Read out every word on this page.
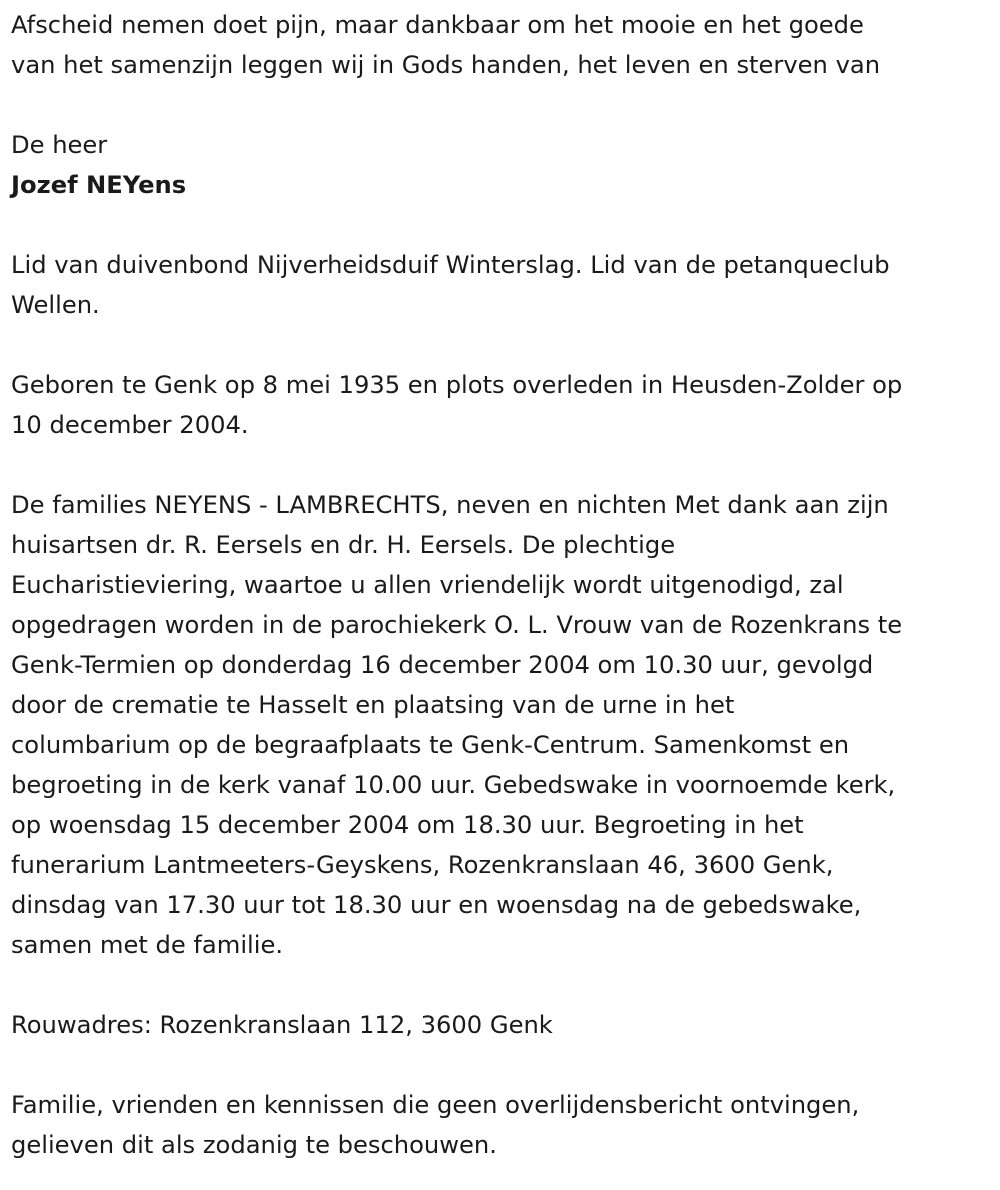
Afscheid nemen doet pijn, maar dankbaar om het mooie en het goede
van het samenzijn leggen wij in Gods handen, het leven en sterven van
De heer
Jozef NEYens
Lid van duivenbond Nijverheidsduif Winterslag. Lid van de petanqueclub
Wellen.
Geboren te Genk op 8 mei 1935 en plots overleden in Heusden-Zolder op
10 december 2004.
De families NEYENS - LAMBRECHTS, neven en nichten Met dank aan zijn
huisartsen dr. R. Eersels en dr. H. Eersels. De plechtige
Eucharistieviering, waartoe u allen vriendelijk wordt uitgenodigd, zal
opgedragen worden in de parochiekerk O. L. Vrouw van de Rozenkrans te
Genk-Termien op donderdag 16 december 2004 om 10.30 uur, gevolgd
door de crematie te Hasselt en plaatsing van de urne in het
columbarium op de begraafplaats te Genk-Centrum. Samenkomst en
begroeting in de kerk vanaf 10.00 uur. Gebedswake in voornoemde kerk,
op woensdag 15 december 2004 om 18.30 uur. Begroeting in het
funerarium Lantmeeters-Geyskens, Rozenkranslaan 46, 3600 Genk,
dinsdag van 17.30 uur tot 18.30 uur en woensdag na de gebedswake,
samen met de familie.
Rouwadres: Rozenkranslaan 112, 3600 Genk
Familie, vrienden en kennissen die geen overlijdensbericht ontvingen,
gelieven dit als zodanig te beschouwen.
